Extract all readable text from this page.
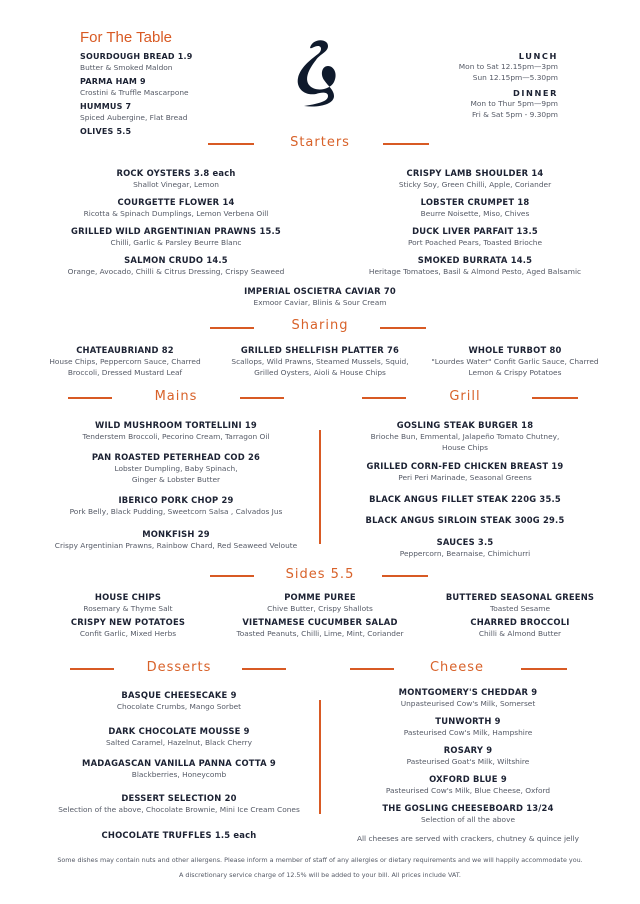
For The Table
SOURDOUGH BREAD 1.9
Butter & Smoked Maldon
PARMA HAM 9
Crostini & Truffle Mascarpone
HUMMUS 7
Spiced Aubergine, Flat Bread
OLIVES 5.5
LUNCH
Mon to Sat 12.15pm—3pm
Sun 12.15pm—5.30pm
DINNER
Mon to Thur 5pm—9pm
Fri & Sat 5pm - 9.30pm
Starters
ROCK OYSTERS 3.8 each
Shallot Vinegar, Lemon
COURGETTE FLOWER 14
Ricotta & Spinach Dumplings, Lemon Verbena Oill
GRILLED WILD ARGENTINIAN PRAWNS 15.5
Chilli, Garlic & Parsley Beurre Blanc
SALMON CRUDO 14.5
Orange, Avocado, Chilli & Citrus Dressing, Crispy Seaweed
CRISPY LAMB SHOULDER 14
Sticky Soy, Green Chilli, Apple, Coriander
LOBSTER CRUMPET 18
Beurre Noisette, Miso, Chives
DUCK LIVER PARFAIT 13.5
Port Poached Pears, Toasted Brioche
SMOKED BURRATA 14.5
Heritage Tomatoes, Basil & Almond Pesto, Aged Balsamic
IMPERIAL OSCIETRA CAVIAR 70
Exmoor Caviar, Blinis & Sour Cream
Sharing
CHATEAUBRIAND 82
House Chips, Peppercorn Sauce, Charred
Broccoli, Dressed Mustard Leaf
GRILLED SHELLFISH PLATTER 76
Scallops, Wild Prawns, Steamed Mussels, Squid,
Grilled Oysters, Aioli & House Chips
WHOLE TURBOT 80
"Lourdes Water" Confit Garlic Sauce, Charred
Lemon & Crispy Potatoes
Mains	Grill
WILD MUSHROOM TORTELLINI 19
Tenderstem Broccoli, Pecorino Cream, Tarragon Oil
PAN ROASTED PETERHEAD COD 26
Lobster Dumpling, Baby Spinach,
Ginger & Lobster Butter
IBERICO PORK CHOP 29
Pork Belly, Black Pudding, Sweetcorn Salsa , Calvados Jus
MONKFISH 29
Crispy Argentinian Prawns, Rainbow Chard, Red Seaweed Veloute
GOSLING STEAK BURGER 18
Brioche Bun, Emmental, Jalapeño Tomato Chutney,
House Chips
GRILLED CORN-FED CHICKEN BREAST 19
Peri Peri Marinade, Seasonal Greens
BLACK ANGUS FILLET STEAK 220G 35.5
BLACK ANGUS SIRLOIN STEAK 300G 29.5
SAUCES 3.5
Peppercorn, Bearnaise, Chimichurri
Sides 5.5
HOUSE CHIPS
Rosemary & Thyme Salt
CRISPY NEW POTATOES
Confit Garlic, Mixed Herbs
POMME PUREE
Chive Butter, Crispy Shallots
VIETNAMESE CUCUMBER SALAD
Toasted Peanuts, Chilli, Lime, Mint, Coriander
BUTTERED SEASONAL GREENS
Toasted Sesame
CHARRED BROCCOLI
Chilli & Almond Butter
Desserts	Cheese
BASQUE CHEESECAKE 9
Chocolate Crumbs, Mango Sorbet
DARK CHOCOLATE MOUSSE 9
Salted Caramel, Hazelnut, Black Cherry
MADAGASCAN VANILLA PANNA COTTA 9
Blackberries, Honeycomb
DESSERT SELECTION 20
Selection of the above, Chocolate Brownie, Mini Ice Cream Cones
CHOCOLATE TRUFFLES 1.5 each
MONTGOMERY'S CHEDDAR 9
Unpasteurised Cow's Milk, Somerset
TUNWORTH 9
Pasteurised Cow's Milk, Hampshire
ROSARY 9
Pasteurised Goat's Milk, Wiltshire
OXFORD BLUE 9
Pasteurised Cow's Milk, Blue Cheese, Oxford
THE GOSLING CHEESEBOARD 13/24
Selection of all the above
All cheeses are served with crackers, chutney & quince jelly
Some dishes may contain nuts and other allergens. Please inform a member of staff of any allergies or dietary requirements and we will happily accommodate you.
A discretionary service charge of 12.5% will be added to your bill. All prices include VAT.
